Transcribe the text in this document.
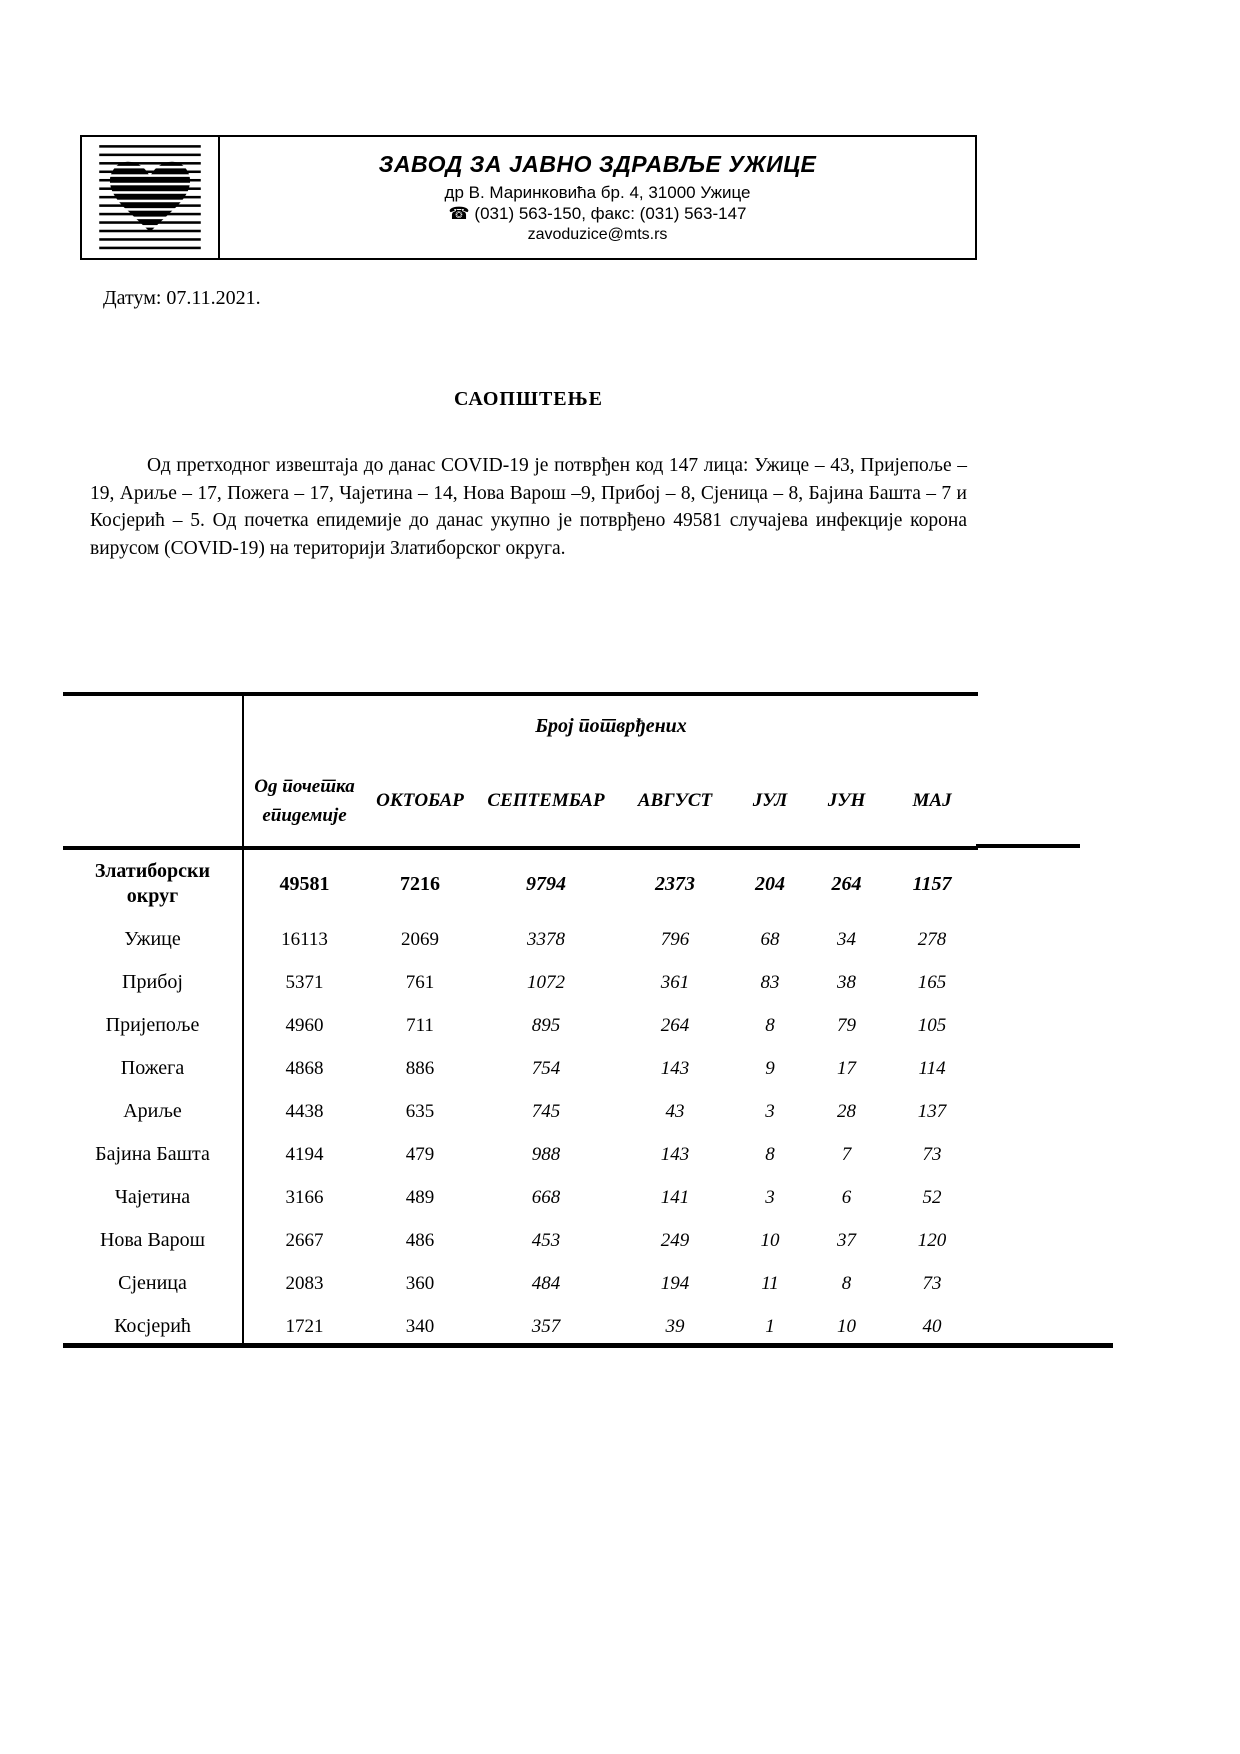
ЗАВОД ЗА ЈАВНО ЗДРАВЉЕ УЖИЦЕ
др В. Маринковића бр. 4, 31000 Ужице
☎ (031) 563-150, факс: (031) 563-147
zavoduzice@mts.rs
Датум: 07.11.2021.
САОПШТЕЊЕ
Од претходног извештаја до данас COVID-19 је потврђен код 147 лица: Ужице – 43, Пријепоље – 19, Ариље – 17, Пожега – 17, Чајетина – 14, Нова Варош –9, Прибој – 8, Сјеница – 8, Бајина Башта – 7 и Косјерић – 5. Од почетка епидемије до данас укупно је потврђено 49581 случајева инфекције корона вирусом (COVID-19) на територији Златиборског округа.
	Број потврђених						
	Од почетка епидемије	ОКТОБАР	СЕПТЕМБАР	АВГУСТ	ЈУЛ	ЈУН	МАЈ
Златиборски округ	49581	7216	9794	2373	204	264	1157
Ужице	16113	2069	3378	796	68	34	278
Прибој	5371	761	1072	361	83	38	165
Пријепоље	4960	711	895	264	8	79	105
Пожега	4868	886	754	143	9	17	114
Ариље	4438	635	745	43	3	28	137
Бајина Башта	4194	479	988	143	8	7	73
Чајетина	3166	489	668	141	3	6	52
Нова Варош	2667	486	453	249	10	37	120
Сјеница	2083	360	484	194	11	8	73
Косјерић	1721	340	357	39	1	10	40
